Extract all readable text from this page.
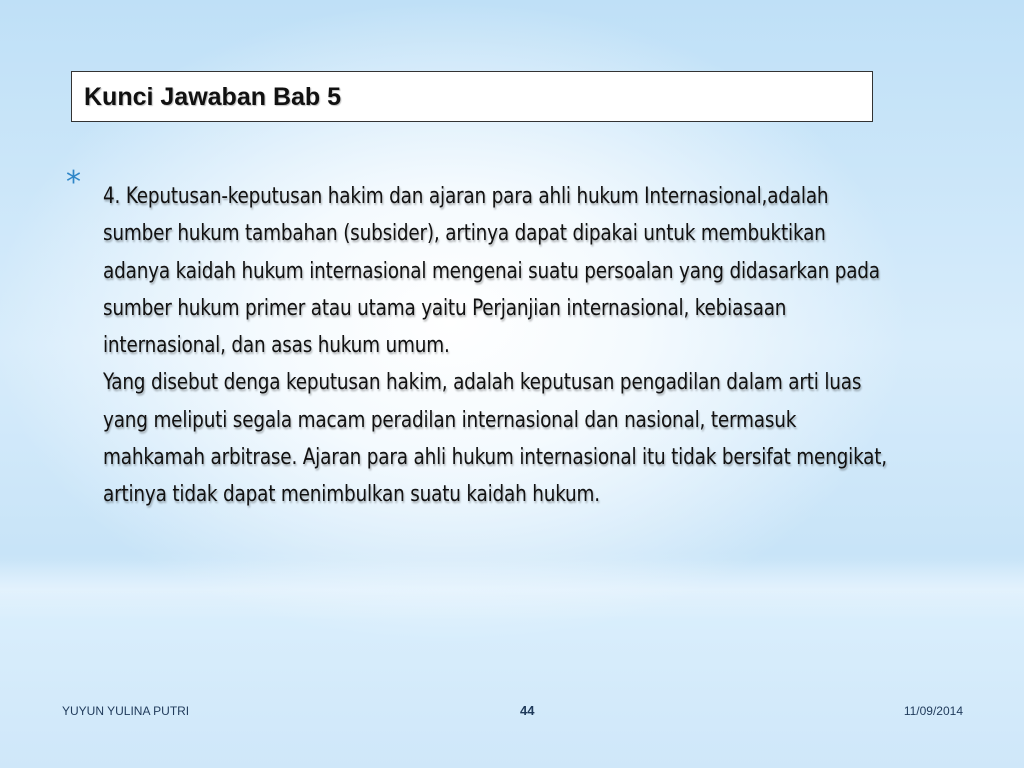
Kunci Jawaban Bab 5
* 4. Keputusan-keputusan hakim dan ajaran para ahli hukum Internasional,adalah sumber hukum tambahan (subsider), artinya dapat dipakai untuk membuktikan adanya kaidah hukum internasional mengenai suatu persoalan yang didasarkan pada sumber hukum primer atau utama yaitu Perjanjian internasional, kebiasaan internasional, dan asas hukum umum.

Yang disebut denga keputusan hakim, adalah keputusan pengadilan dalam arti luas yang meliputi segala macam peradilan internasional dan nasional, termasuk mahkamah arbitrase. Ajaran para ahli hukum internasional itu tidak bersifat mengikat, artinya tidak dapat menimbulkan suatu kaidah hukum.

YUYUN YULINA PUTRI	44	11/09/2014
